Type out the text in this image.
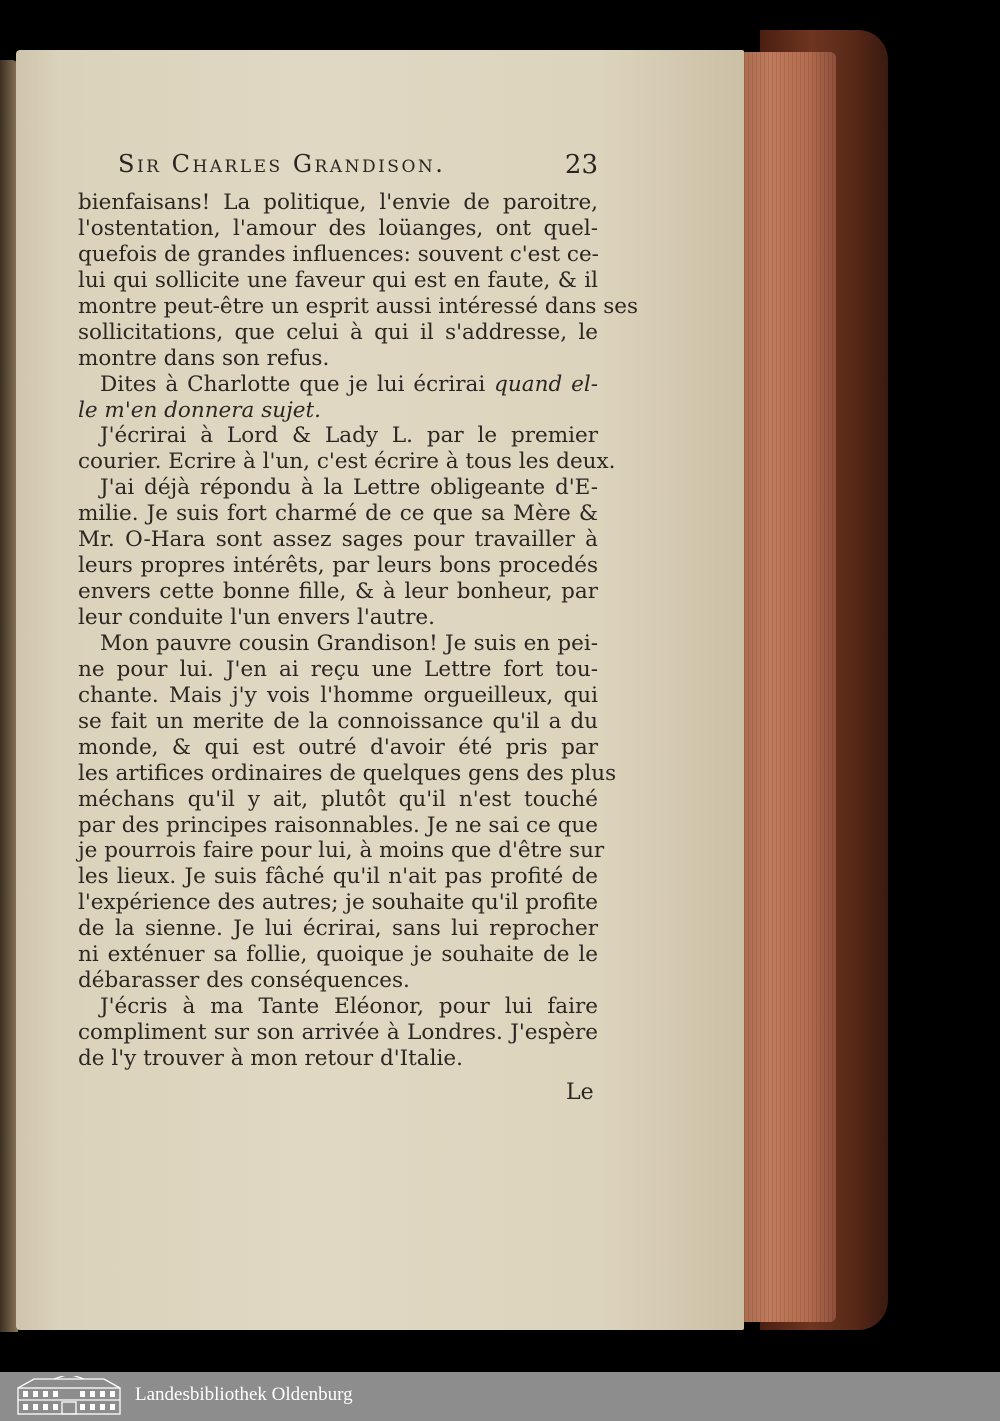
Sir Charles Grandison.	23
bienfaisans! La politique, l'envie de paroitre,
l'ostentation, l'amour des loüanges, ont quel-
quefois de grandes influences: souvent c'est ce-
lui qui sollicite une faveur qui est en faute, & il
montre peut-être un esprit aussi intéressé dans ses
sollicitations, que celui à qui il s'addresse, le
montre dans son refus.
Dites à Charlotte que je lui écrirai quand el-
le m'en donnera sujet.
J'écrirai à Lord & Lady L. par le premier
courier. Ecrire à l'un, c'est écrire à tous les deux.
J'ai déjà répondu à la Lettre obligeante d'E-
milie. Je suis fort charmé de ce que sa Mère &
Mr. O-Hara sont assez sages pour travailler à
leurs propres intérêts, par leurs bons procedés
envers cette bonne fille, & à leur bonheur, par
leur conduite l'un envers l'autre.
Mon pauvre cousin Grandison! Je suis en pei-
ne pour lui. J'en ai reçu une Lettre fort tou-
chante. Mais j'y vois l'homme orgueilleux, qui
se fait un merite de la connoissance qu'il a du
monde, & qui est outré d'avoir été pris par
les artifices ordinaires de quelques gens des plus
méchans qu'il y ait, plutôt qu'il n'est touché
par des principes raisonnables. Je ne sai ce que
je pourrois faire pour lui, à moins que d'être sur
les lieux. Je suis fâché qu'il n'ait pas profité de
l'expérience des autres; je souhaite qu'il profite
de la sienne. Je lui écrirai, sans lui reprocher
ni exténuer sa follie, quoique je souhaite de le
débarasser des conséquences.
J'écris à ma Tante Eléonor, pour lui faire
compliment sur son arrivée à Londres. J'espère
de l'y trouver à mon retour d'Italie.
Le
Landesbibliothek Oldenburg
